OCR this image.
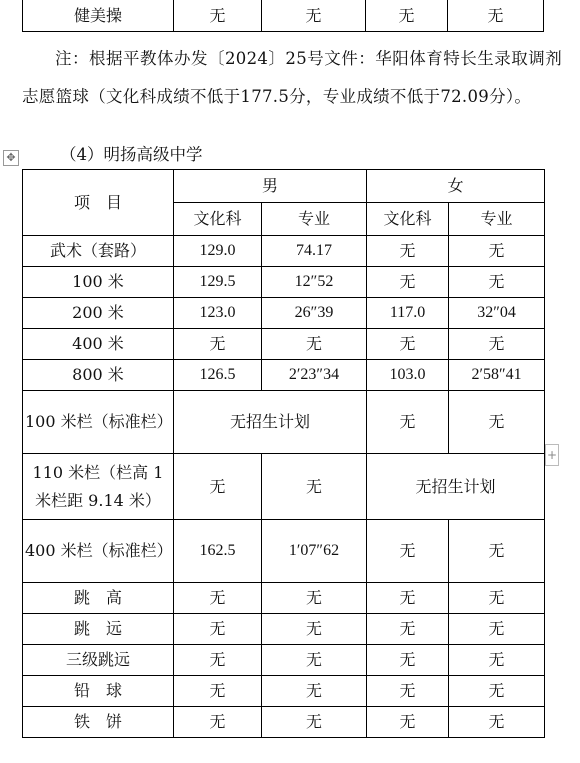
健美操	无	无	无	无

注：根据平教体办发〔2024〕25号文件：华阳体育特长生录取调剂志愿篮球（文化科成绩不低于177.5分，专业成绩不低于72.09分）。

✥	（4）明扬高级中学
+
项　目	男		女	
	文化科	专业	文化科	专业
武术（套路）	129.0	74.17	无	无
100 米	129.5	12″52	无	无
200 米	123.0	26″39	117.0	32″04
400 米	无	无	无	无
800 米	126.5	2′23″34	103.0	2′58″41
100 米栏（标准栏）	无招生计划		无	无
110 米栏（栏高 1 米栏距 9.14 米）	无	无	无招生计划	
400 米栏（标准栏）	162.5	1′07″62	无	无
跳　高	无	无	无	无
跳　远	无	无	无	无
三级跳远	无	无	无	无
铅　球	无	无	无	无
铁　饼	无	无	无	无
